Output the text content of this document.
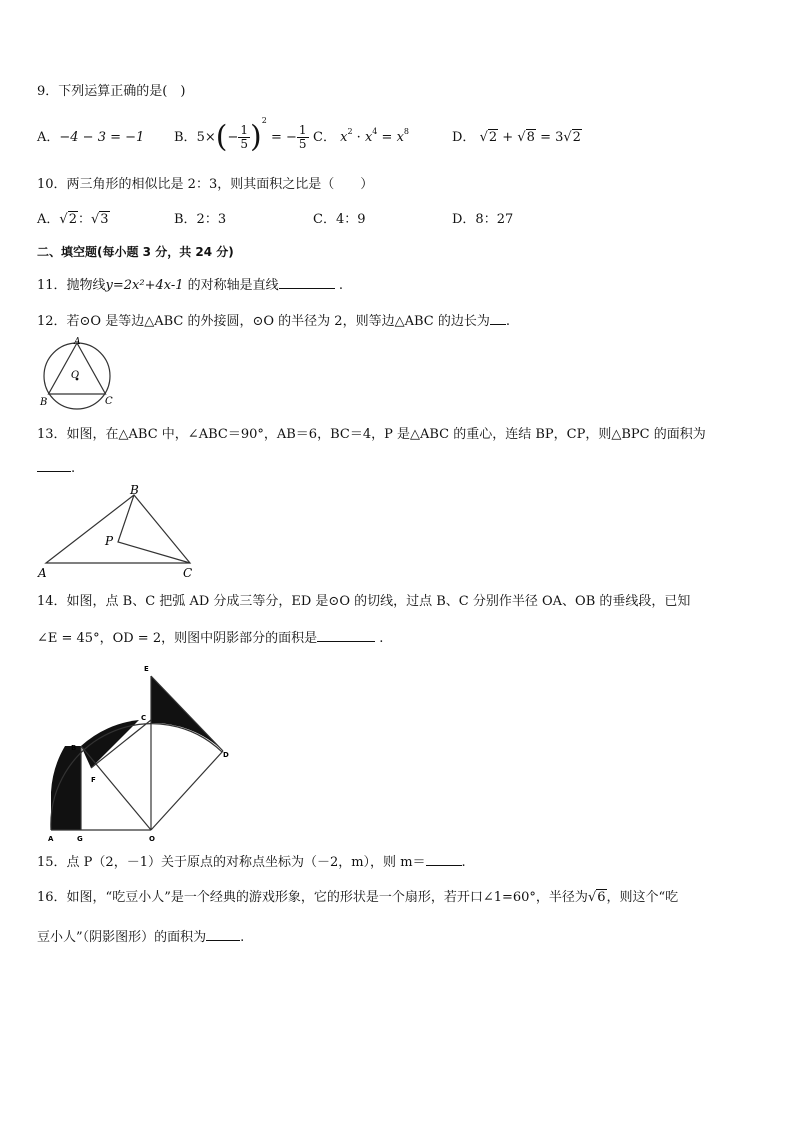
9．下列运算正确的是(　)
A．−4 − 3 = −1 B．$5\times(- \frac{1}{5} )^2$ = − $\frac{1}{5}$ C． $x^2 \cdot x^4 = x^8$	D． √2 + √8 = 3√2
10．两三角形的相似比是 2：3，则其面积之比是（　　）
A．√2：√3	B．2：3	C．4：9	D．8：27
二、填空题(每小题 3 分，共 24 分)
11．抛物线y=2x²+4x-1 的对称轴是直线	.
12．若⊙O 是等边△ABC 的外接圆，⊙O 的半径为 2，则等边△ABC 的边长为 .
A
O
B	C
13．如图，在△ABC 中，∠ABC＝90°，AB＝6，BC＝4，P 是△ABC 的重心，连结 BP，CP，则△BPC 的面积为
.
B
P
A	C
14．如图，点 B、C 把弧 AD 分成三等分，ED 是⊙O 的切线，过点 B、C 分别作半径 OA、OB 的垂线段，已知
∠E = 45°，OD = 2，则图中阴影部分的面积是	.
E
C
B
F
D
A	G	O
15．点 P（2，－1）关于原点的对称点坐标为（－2，m），则 m＝	.
16．如图，“吃豆小人”是一个经典的游戏形象，它的形状是一个扇形，若开口∠1=60°，半径为√6，则这个“吃
豆小人”（阴影图形）的面积为	.
